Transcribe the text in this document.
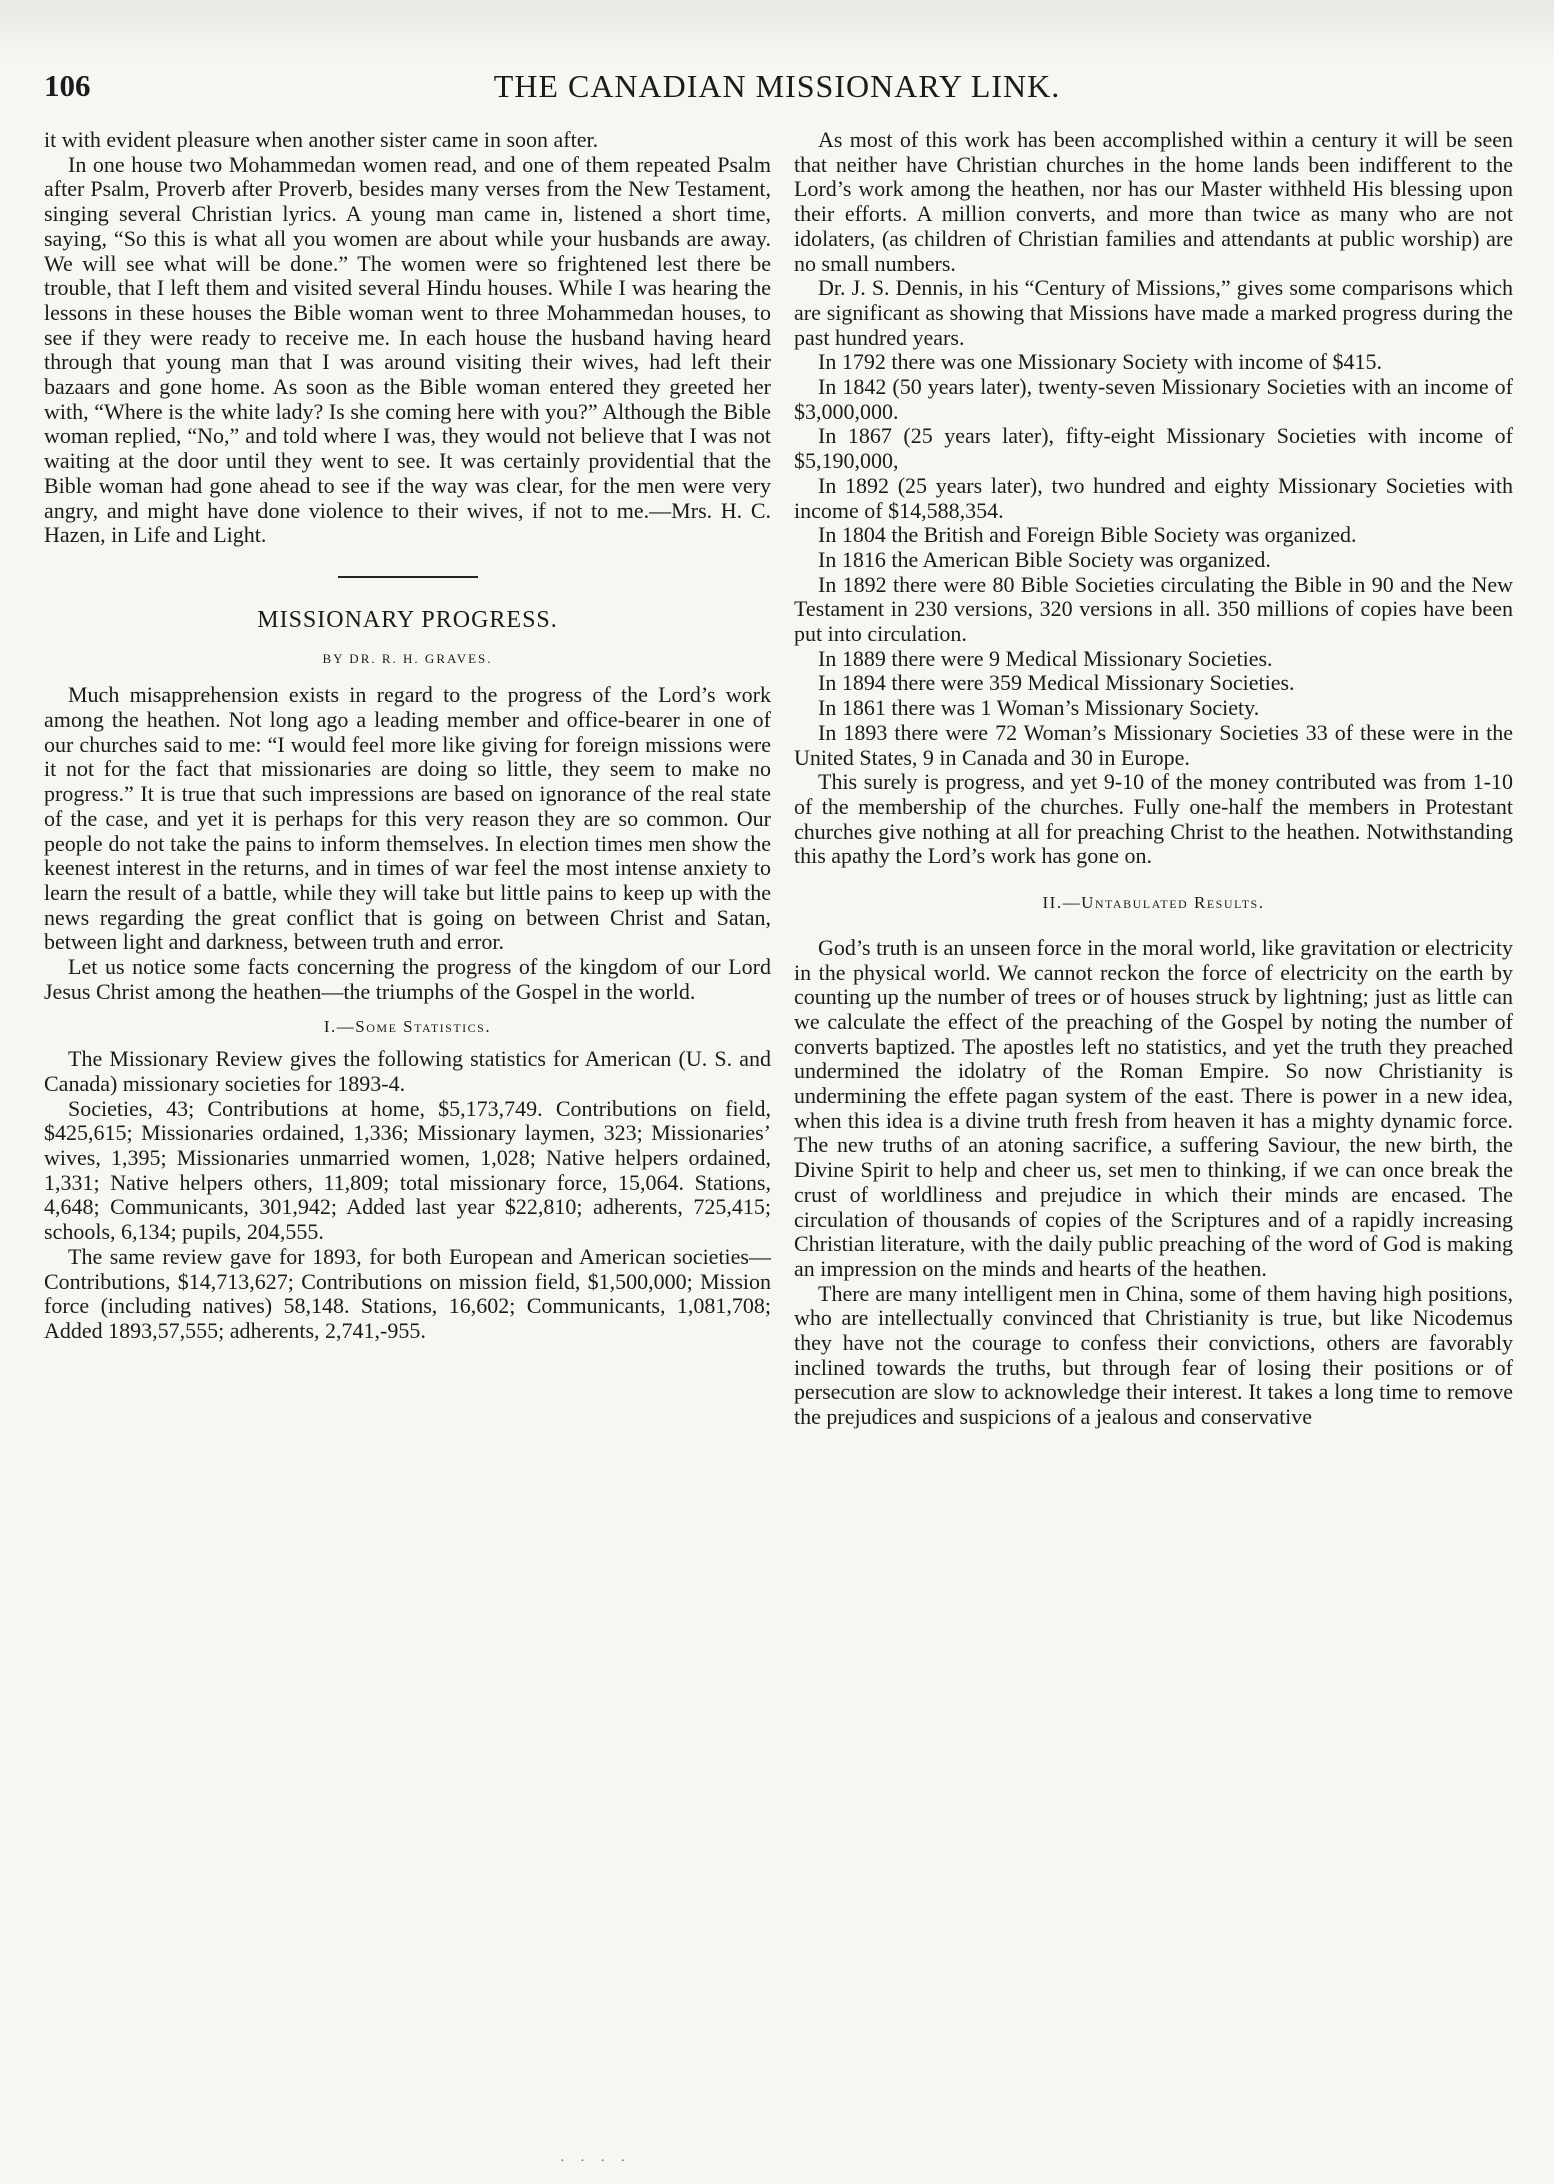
106	THE CANADIAN MISSIONARY LINK.

it with evident pleasure when another sister came in soon after.

In one house two Mohammedan women read, and one of them repeated Psalm after Psalm, Proverb after Proverb, besides many verses from the New Testament, singing several Christian lyrics. A young man came in, listened a short time, saying, “So this is what all you women are about while your husbands are away. We will see what will be done.” The women were so frightened lest there be trouble, that I left them and visited several Hindu houses. While I was hearing the lessons in these houses the Bible woman went to three Mohammedan houses, to see if they were ready to receive me. In each house the husband having heard through that young man that I was around visiting their wives, had left their bazaars and gone home. As soon as the Bible woman entered they greeted her with, “Where is the white lady? Is she coming here with you?” Although the Bible woman replied, “No,” and told where I was, they would not believe that I was not waiting at the door until they went to see. It was certainly providential that the Bible woman had gone ahead to see if the way was clear, for the men were very angry, and might have done violence to their wives, if not to me.—Mrs. H. C. Hazen, in Life and Light.

MISSIONARY PROGRESS.
BY DR. R. H. GRAVES.

Much misapprehension exists in regard to the progress of the Lord’s work among the heathen. Not long ago a leading member and office-bearer in one of our churches said to me: “I would feel more like giving for foreign missions were it not for the fact that missionaries are doing so little, they seem to make no progress.” It is true that such impressions are based on ignorance of the real state of the case, and yet it is perhaps for this very reason they are so common. Our people do not take the pains to inform themselves. In election times men show the keenest interest in the returns, and in times of war feel the most intense anxiety to learn the result of a battle, while they will take but little pains to keep up with the news regarding the great conflict that is going on between Christ and Satan, between light and darkness, between truth and error.

Let us notice some facts concerning the progress of the kingdom of our Lord Jesus Christ among the heathen—the triumphs of the Gospel in the world.

I.—Some Statistics.

The Missionary Review gives the following statistics for American (U. S. and Canada) missionary societies for 1893-4.

Societies, 43; Contributions at home, $5,173,749. Contributions on field, $425,615; Missionaries ordained, 1,336; Missionary laymen, 323; Missionaries’ wives, 1,395; Missionaries unmarried women, 1,028; Native helpers ordained, 1,331; Native helpers others, 11,809; total missionary force, 15,064. Stations, 4,648; Communicants, 301,942; Added last year $22,810; adherents, 725,415; schools, 6,134; pupils, 204,555.

The same review gave for 1893, for both European and American societies—Contributions, $14,713,627; Contributions on mission field, $1,500,000; Mission force (including natives) 58,148. Stations, 16,602; Communicants, 1,081,708; Added 1893,57,555; adherents, 2,741,-955.

As most of this work has been accomplished within a century it will be seen that neither have Christian churches in the home lands been indifferent to the Lord’s work among the heathen, nor has our Master withheld His blessing upon their efforts. A million converts, and more than twice as many who are not idolaters, (as children of Christian families and attendants at public worship) are no small numbers.

Dr. J. S. Dennis, in his “Century of Missions,” gives some comparisons which are significant as showing that Missions have made a marked progress during the past hundred years.

In 1792 there was one Missionary Society with income of $415.

In 1842 (50 years later), twenty-seven Missionary Societies with an income of $3,000,000.

In 1867 (25 years later), fifty-eight Missionary Societies with income of $5,190,000,

In 1892 (25 years later), two hundred and eighty Missionary Societies with income of $14,588,354.

In 1804 the British and Foreign Bible Society was organized.

In 1816 the American Bible Society was organized.

In 1892 there were 80 Bible Societies circulating the Bible in 90 and the New Testament in 230 versions, 320 versions in all. 350 millions of copies have been put into circulation.

In 1889 there were 9 Medical Missionary Societies.

In 1894 there were 359 Medical Missionary Societies.

In 1861 there was 1 Woman’s Missionary Society.

In 1893 there were 72 Woman’s Missionary Societies 33 of these were in the United States, 9 in Canada and 30 in Europe.

This surely is progress, and yet 9-10 of the money contributed was from 1-10 of the membership of the churches. Fully one-half the members in Protestant churches give nothing at all for preaching Christ to the heathen. Notwithstanding this apathy the Lord’s work has gone on.

II.—Untabulated Results.

God’s truth is an unseen force in the moral world, like gravitation or electricity in the physical world. We cannot reckon the force of electricity on the earth by counting up the number of trees or of houses struck by lightning; just as little can we calculate the effect of the preaching of the Gospel by noting the number of converts baptized. The apostles left no statistics, and yet the truth they preached undermined the idolatry of the Roman Empire. So now Christianity is undermining the effete pagan system of the east. There is power in a new idea, when this idea is a divine truth fresh from heaven it has a mighty dynamic force. The new truths of an atoning sacrifice, a suffering Saviour, the new birth, the Divine Spirit to help and cheer us, set men to thinking, if we can once break the crust of worldliness and prejudice in which their minds are encased. The circulation of thousands of copies of the Scriptures and of a rapidly increasing Christian literature, with the daily public preaching of the word of God is making an impression on the minds and hearts of the heathen.

There are many intelligent men in China, some of them having high positions, who are intellectually convinced that Christianity is true, but like Nicodemus they have not the courage to confess their convictions, others are favorably inclined towards the truths, but through fear of losing their positions or of persecution are slow to acknowledge their interest. It takes a long time to remove the prejudices and suspicions of a jealous and conservative

· · · ·
